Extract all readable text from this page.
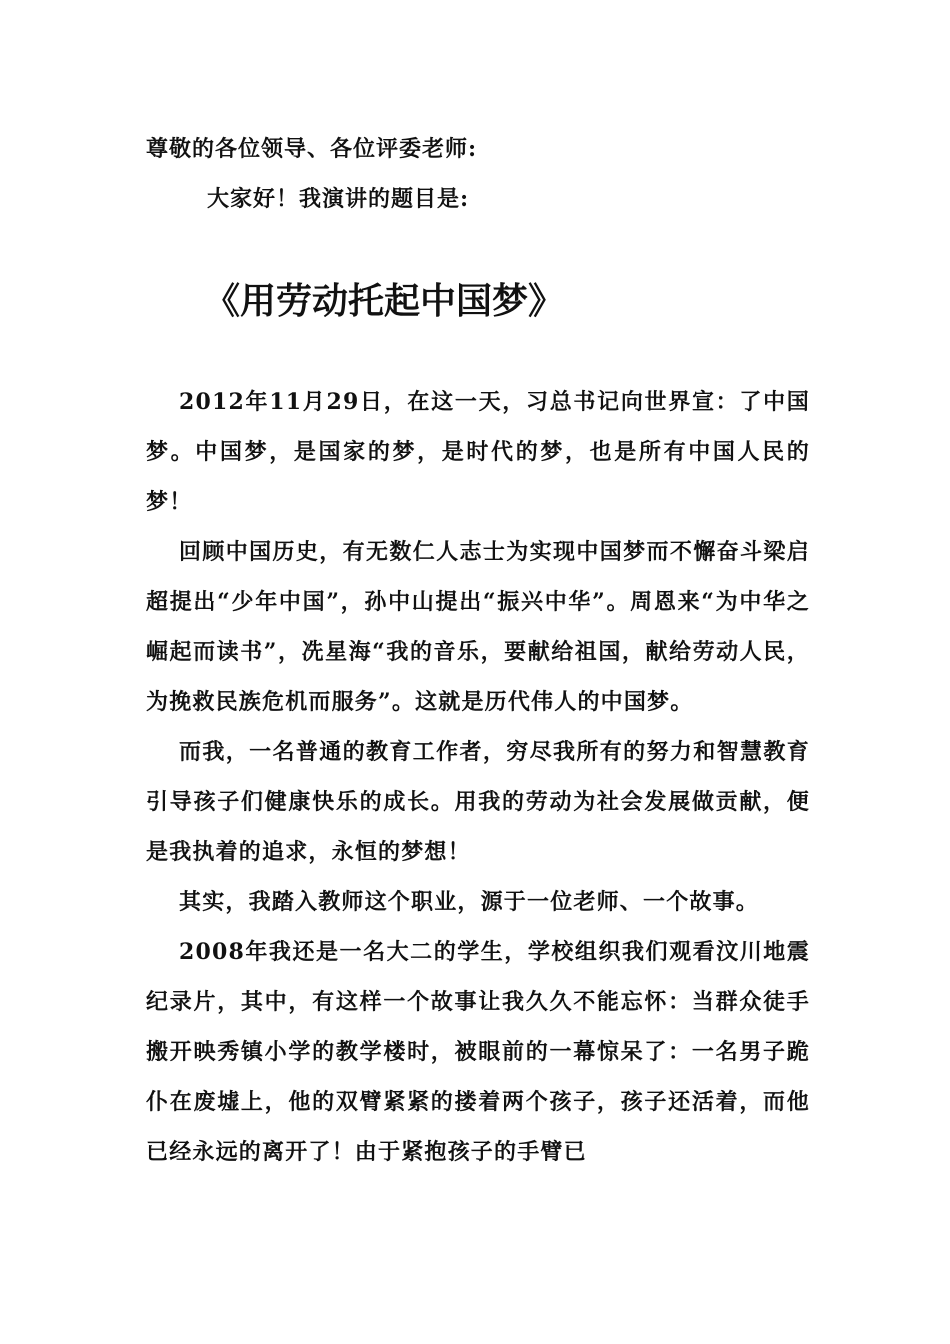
尊敬的各位领导、各位评委老师:
大家好！我演讲的题目是:
《用劳动托起中国梦》

2012年11月29日，在这一天，习总书记向世界宣：了中国梦。中国梦，是国家的梦，是时代的梦，也是所有中国人民的梦！

回顾中国历史，有无数仁人志士为实现中国梦而不懈奋斗梁启超提出“少年中国”，孙中山提出“振兴中华”。周恩来“为中华之崛起而读书”，冼星海“我的音乐，要献给祖国，献给劳动人民，为挽救民族危机而服务”。这就是历代伟人的中国梦。

而我，一名普通的教育工作者，穷尽我所有的努力和智慧教育引导孩子们健康快乐的成长。用我的劳动为社会发展做贡献，便是我执着的追求，永恒的梦想！

其实，我踏入教师这个职业，源于一位老师、一个故事。

2008年我还是一名大二的学生，学校组织我们观看汶川地震纪录片，其中，有这样一个故事让我久久不能忘怀：当群众徒手搬开映秀镇小学的教学楼时，被眼前的一幕惊呆了：一名男子跪仆在废墟上，他的双臂紧紧的搂着两个孩子，孩子还活着，而他已经永远的离开了！由于紧抱孩子的手臂已
